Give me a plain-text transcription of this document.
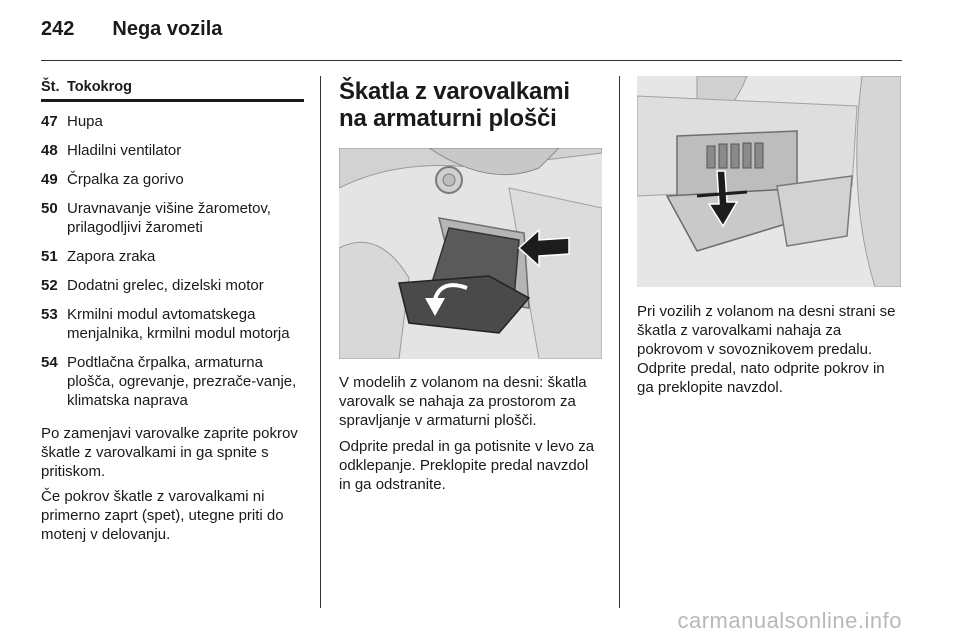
242 Nega vozila
Št. Tokokrog
47 Hupa
48 Hladilni ventilator
49 Črpalka za gorivo
50 Uravnavanje višine žarometov, prilagodljivi žarometi
51 Zapora zraka
52 Dodatni grelec, dizelski motor
53 Krmilni modul avtomatskega menjalnika, krmilni modul motorja
54 Podtlačna črpalka, armaturna plošča, ogrevanje, prezrače-vanje, klimatska naprava

Po zamenjavi varovalke zaprite pokrov škatle z varovalkami in ga spnite s pritiskom.

Če pokrov škatle z varovalkami ni primerno zaprt (spet), utegne priti do motenj v delovanju.

Škatla z varovalkami na armaturni plošči

V modelih z volanom na desni: škatla varovalk se nahaja za prostorom za spravljanje v armaturni plošči.

Odprite predal in ga potisnite v levo za odklepanje. Preklopite predal navzdol in ga odstranite.

Pri vozilih z volanom na desni strani se škatla z varovalkami nahaja za pokrovom v sovoznikovem predalu. Odprite predal, nato odprite pokrov in ga preklopite navzdol.

carmanualsonline.info
